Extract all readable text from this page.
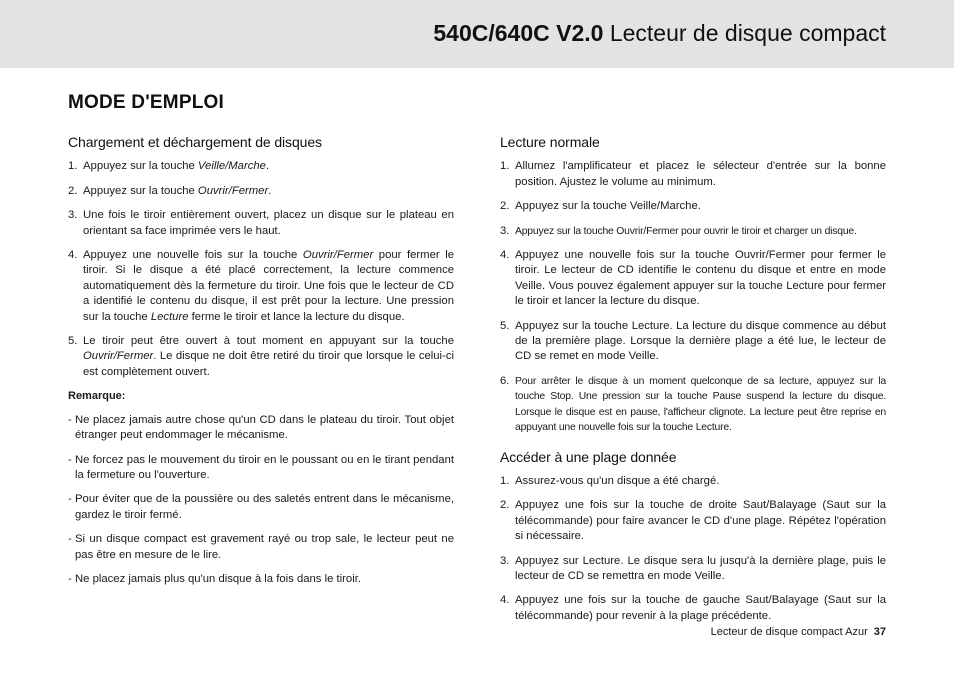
540C/640C V2.0 Lecteur de disque compact
MODE D'EMPLOI
Chargement et déchargement de disques
1. Appuyez sur la touche Veille/Marche.
2. Appuyez sur la touche Ouvrir/Fermer.
3. Une fois le tiroir entièrement ouvert, placez un disque sur le plateau en orientant sa face imprimée vers le haut.
4. Appuyez une nouvelle fois sur la touche Ouvrir/Fermer pour fermer le tiroir. Si le disque a été placé correctement, la lecture commence automatiquement dès la fermeture du tiroir. Une fois que le lecteur de CD a identifié le contenu du disque, il est prêt pour la lecture. Une pression sur la touche Lecture ferme le tiroir et lance la lecture du disque.
5. Le tiroir peut être ouvert à tout moment en appuyant sur la touche Ouvrir/Fermer. Le disque ne doit être retiré du tiroir que lorsque le celui-ci est complètement ouvert.
Remarque:
- Ne placez jamais autre chose qu'un CD dans le plateau du tiroir. Tout objet étranger peut endommager le mécanisme.
- Ne forcez pas le mouvement du tiroir en le poussant ou en le tirant pendant la fermeture ou l'ouverture.
- Pour éviter que de la poussière ou des saletés entrent dans le mécanisme, gardez le tiroir fermé.
- Si un disque compact est gravement rayé ou trop sale, le lecteur peut ne pas être en mesure de le lire.
- Ne placez jamais plus qu'un disque à la fois dans le tiroir.
Lecture normale
1. Allumez l'amplificateur et placez le sélecteur d'entrée sur la bonne position. Ajustez le volume au minimum.
2. Appuyez sur la touche Veille/Marche.
3. Appuyez sur la touche Ouvrir/Fermer pour ouvrir le tiroir et charger un disque.
4. Appuyez une nouvelle fois sur la touche Ouvrir/Fermer pour fermer le tiroir. Le lecteur de CD identifie le contenu du disque et entre en mode Veille. Vous pouvez également appuyer sur la touche Lecture pour fermer le tiroir et lancer la lecture du disque.
5. Appuyez sur la touche Lecture. La lecture du disque commence au début de la première plage. Lorsque la dernière plage a été lue, le lecteur de CD se remet en mode Veille.
6. Pour arrêter le disque à un moment quelconque de sa lecture, appuyez sur la touche Stop. Une pression sur la touche Pause suspend la lecture du disque. Lorsque le disque est en pause, l'afficheur clignote. La lecture peut être reprise en appuyant une nouvelle fois sur la touche Lecture.
Accéder à une plage donnée
1. Assurez-vous qu'un disque a été chargé.
2. Appuyez une fois sur la touche de droite Saut/Balayage (Saut sur la télécommande) pour faire avancer le CD d'une plage. Répétez l'opération si nécessaire.
3. Appuyez sur Lecture. Le disque sera lu jusqu'à la dernière plage, puis le lecteur de CD se remettra en mode Veille.
4. Appuyez une fois sur la touche de gauche Saut/Balayage (Saut sur la télécommande) pour revenir à la plage précédente.
Lecteur de disque compact Azur 37
